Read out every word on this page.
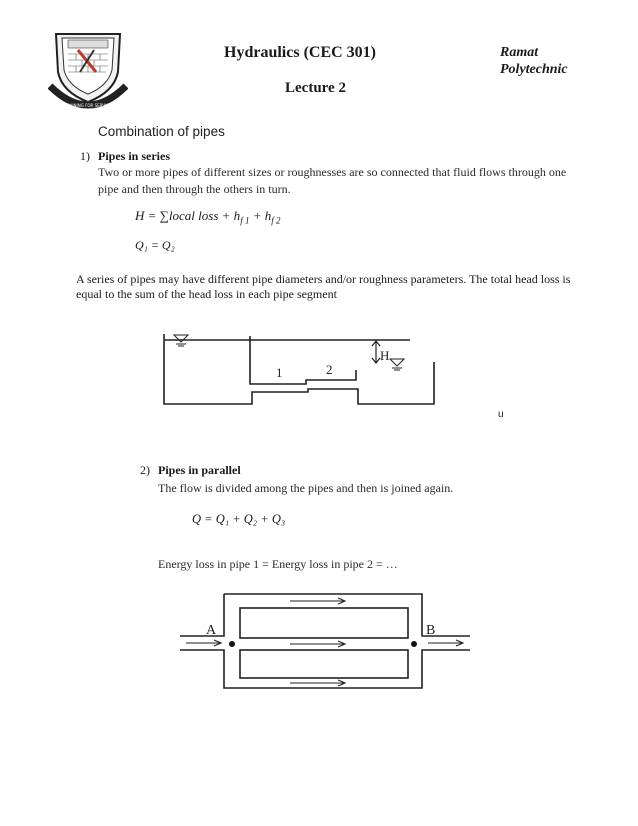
TRAINING FOR SERVICE
Hydraulics (CEC 301)
Lecture 2
Ramat
Polytechnic
Combination of pipes
1) Pipes in series
Two or more pipes of different sizes or roughnesses are so connected that fluid flows through one pipe and then through the others in turn.
H = ∑local loss + $h_{f 1} + h_{f 2}$
Q₁ = Q₂
A series of pipes may have different pipe diameters and/or roughness parameters. The total head loss is equal to the sum of the head loss in each pipe segment
1	2
H
u
2) Pipes in parallel
The flow is divided among the pipes and then is joined again.
Q = Q₁ + Q₂ + Q₃
Energy loss in pipe 1 = Energy loss in pipe 2 = …
A	B
